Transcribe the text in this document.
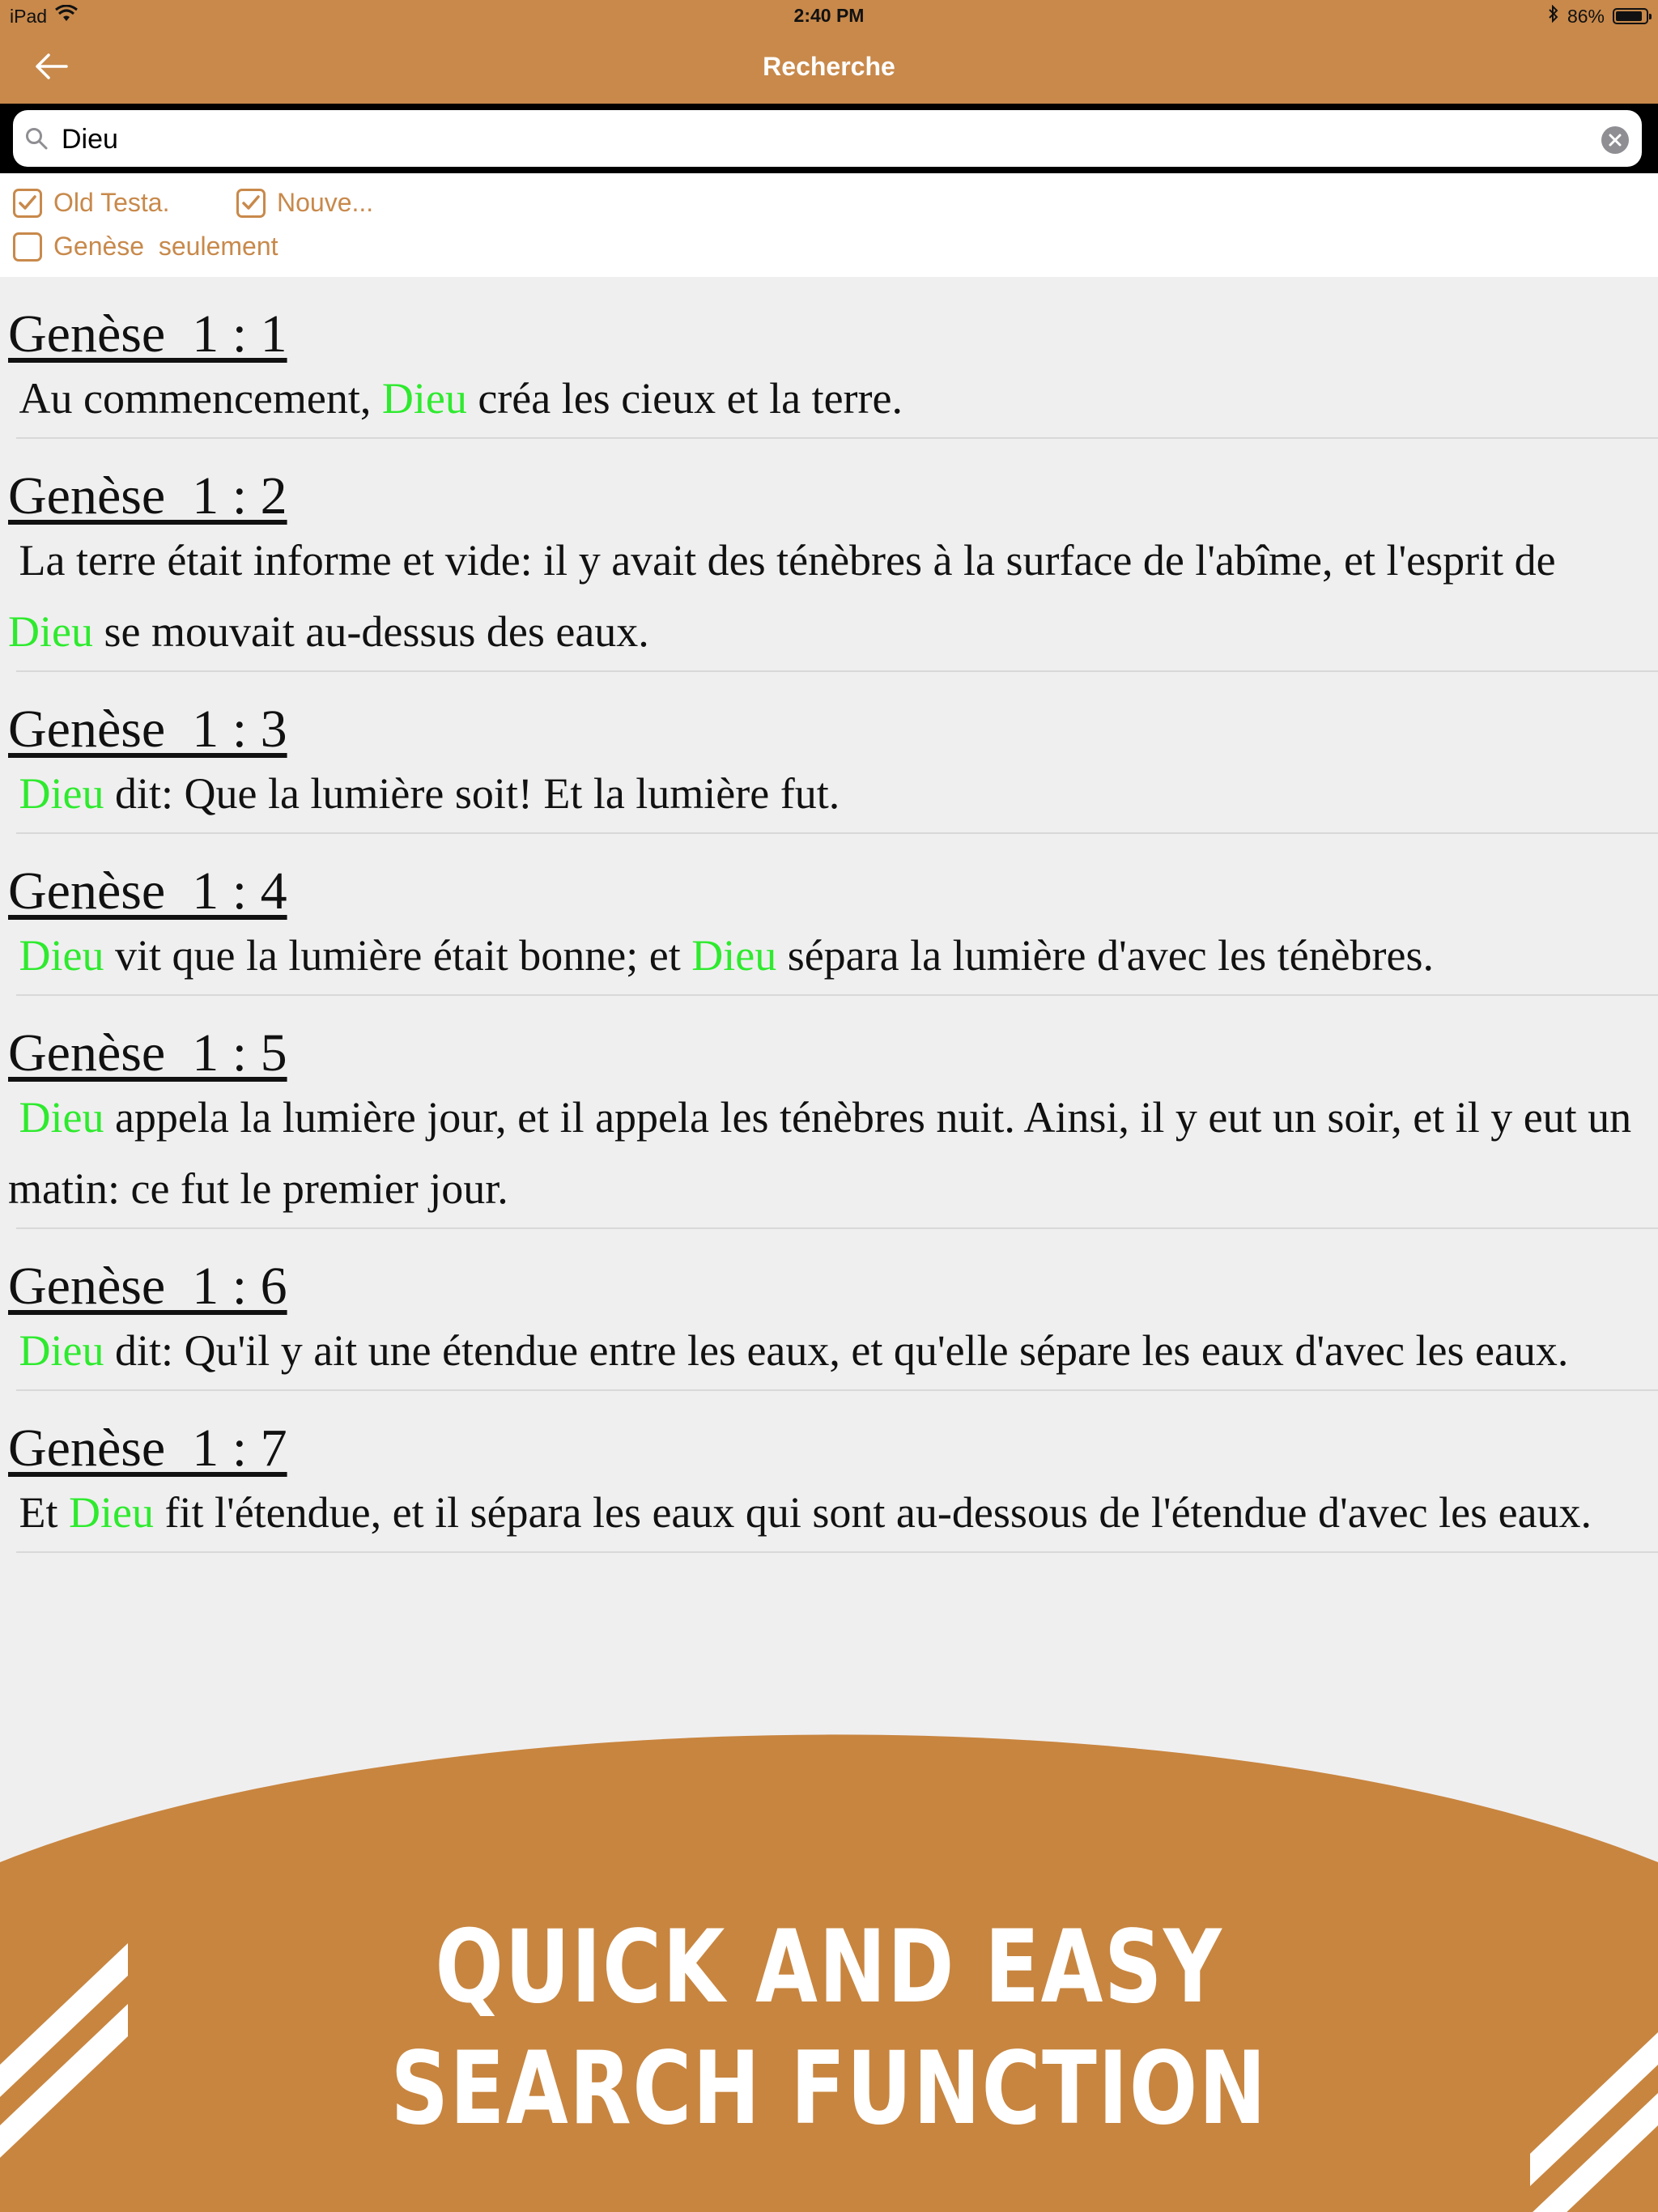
iPad	2:40 PM	86%
Recherche
Dieu
Old Testa.	Nouve...
Genèse  seulement
Genèse  1 : 1
Au commencement, Dieu créa les cieux et la terre.
Genèse  1 : 2
La terre était informe et vide: il y avait des ténèbres à la surface de l'abîme, et l'esprit de Dieu se mouvait au-dessus des eaux.
Genèse  1 : 3
Dieu dit: Que la lumière soit! Et la lumière fut.
Genèse  1 : 4
Dieu vit que la lumière était bonne; et Dieu sépara la lumière d'avec les ténèbres.
Genèse  1 : 5
Dieu appela la lumière jour, et il appela les ténèbres nuit. Ainsi, il y eut un soir, et il y eut un matin: ce fut le premier jour.
Genèse  1 : 6
Dieu dit: Qu'il y ait une étendue entre les eaux, et qu'elle sépare les eaux d'avec les eaux.
Genèse  1 : 7
Et Dieu fit l'étendue, et il sépara les eaux qui sont au-dessous de l'étendue d'avec les eaux.
QUICK AND EASY
SEARCH FUNCTION
